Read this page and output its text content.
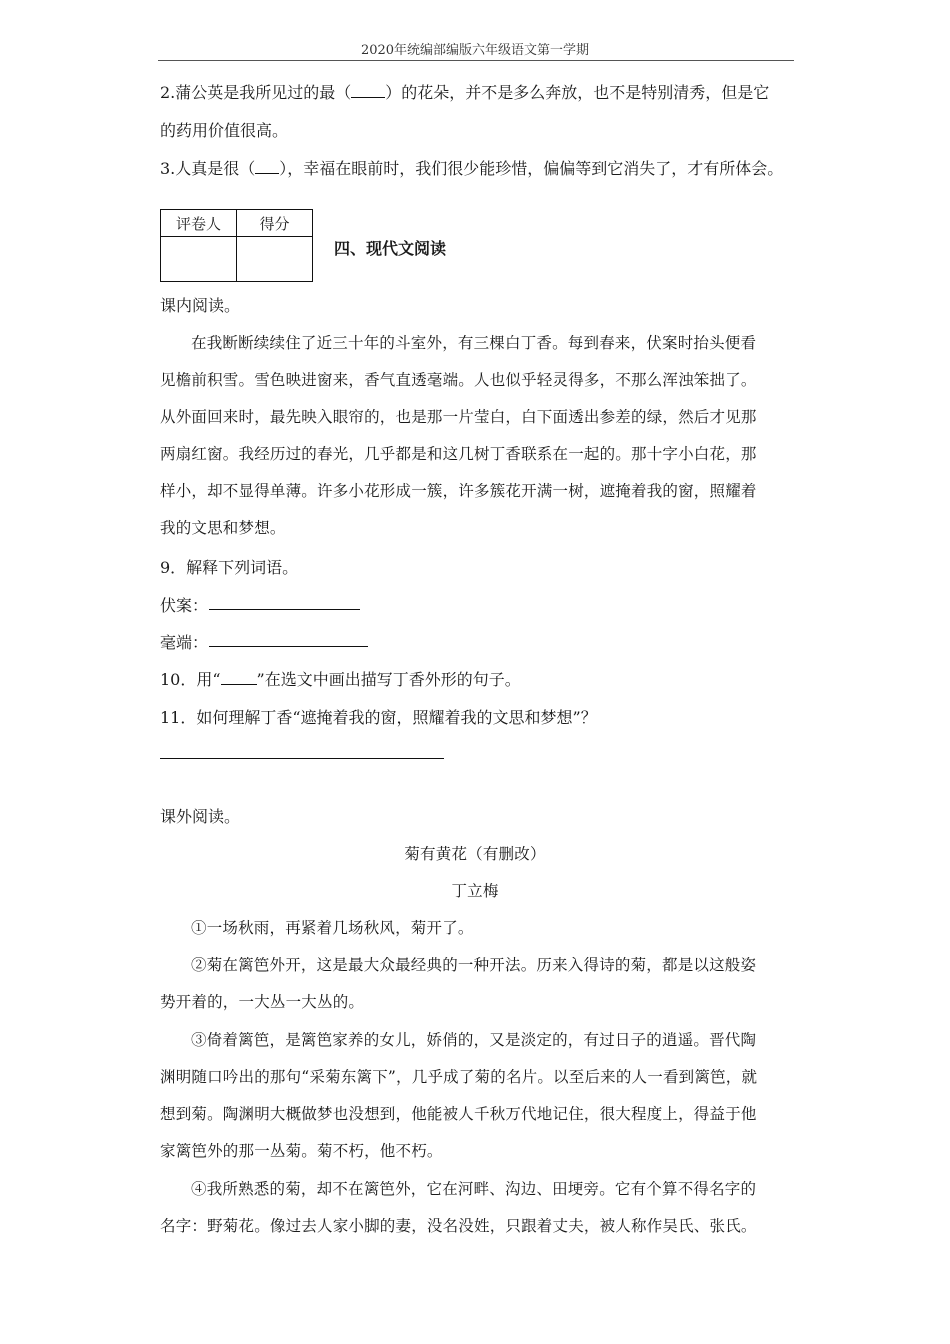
2020年统编部编版六年级语文第一学期
2.蒲公英是我所见过的最（ ）的花朵，并不是多么奔放，也不是特别清秀，但是它
的药用价值很高。
3.人真是很（ ），幸福在眼前时，我们很少能珍惜，偏偏等到它消失了，才有所体会。
评卷人	得分

四、现代文阅读
课内阅读。
在我断断续续住了近三十年的斗室外，有三棵白丁香。每到春来，伏案时抬头便看
见檐前积雪。雪色映进窗来，香气直透毫端。人也似乎轻灵得多，不那么浑浊笨拙了。
从外面回来时，最先映入眼帘的，也是那一片莹白，白下面透出参差的绿，然后才见那
两扇红窗。我经历过的春光，几乎都是和这几树丁香联系在一起的。那十字小白花，那
样小，却不显得单薄。许多小花形成一簇，许多簇花开满一树，遮掩着我的窗，照耀着
我的文思和梦想。
9．解释下列词语。
伏案：
毫端：
10．用“ ”在选文中画出描写丁香外形的句子。
11．如何理解丁香“遮掩着我的窗，照耀着我的文思和梦想”？
课外阅读。
菊有黄花（有删改）
丁立梅
①一场秋雨，再紧着几场秋风，菊开了。
②菊在篱笆外开，这是最大众最经典的一种开法。历来入得诗的菊，都是以这般姿
势开着的，一大丛一大丛的。
③倚着篱笆，是篱笆家养的女儿，娇俏的，又是淡定的，有过日子的逍遥。晋代陶
渊明随口吟出的那句“采菊东篱下”，几乎成了菊的名片。以至后来的人一看到篱笆，就
想到菊。陶渊明大概做梦也没想到，他能被人千秋万代地记住，很大程度上，得益于他
家篱笆外的那一丛菊。菊不朽，他不朽。
④我所熟悉的菊，却不在篱笆外，它在河畔、沟边、田埂旁。它有个算不得名字的
名字：野菊花。像过去人家小脚的妻，没名没姓，只跟着丈夫，被人称作吴氏、张氏。
